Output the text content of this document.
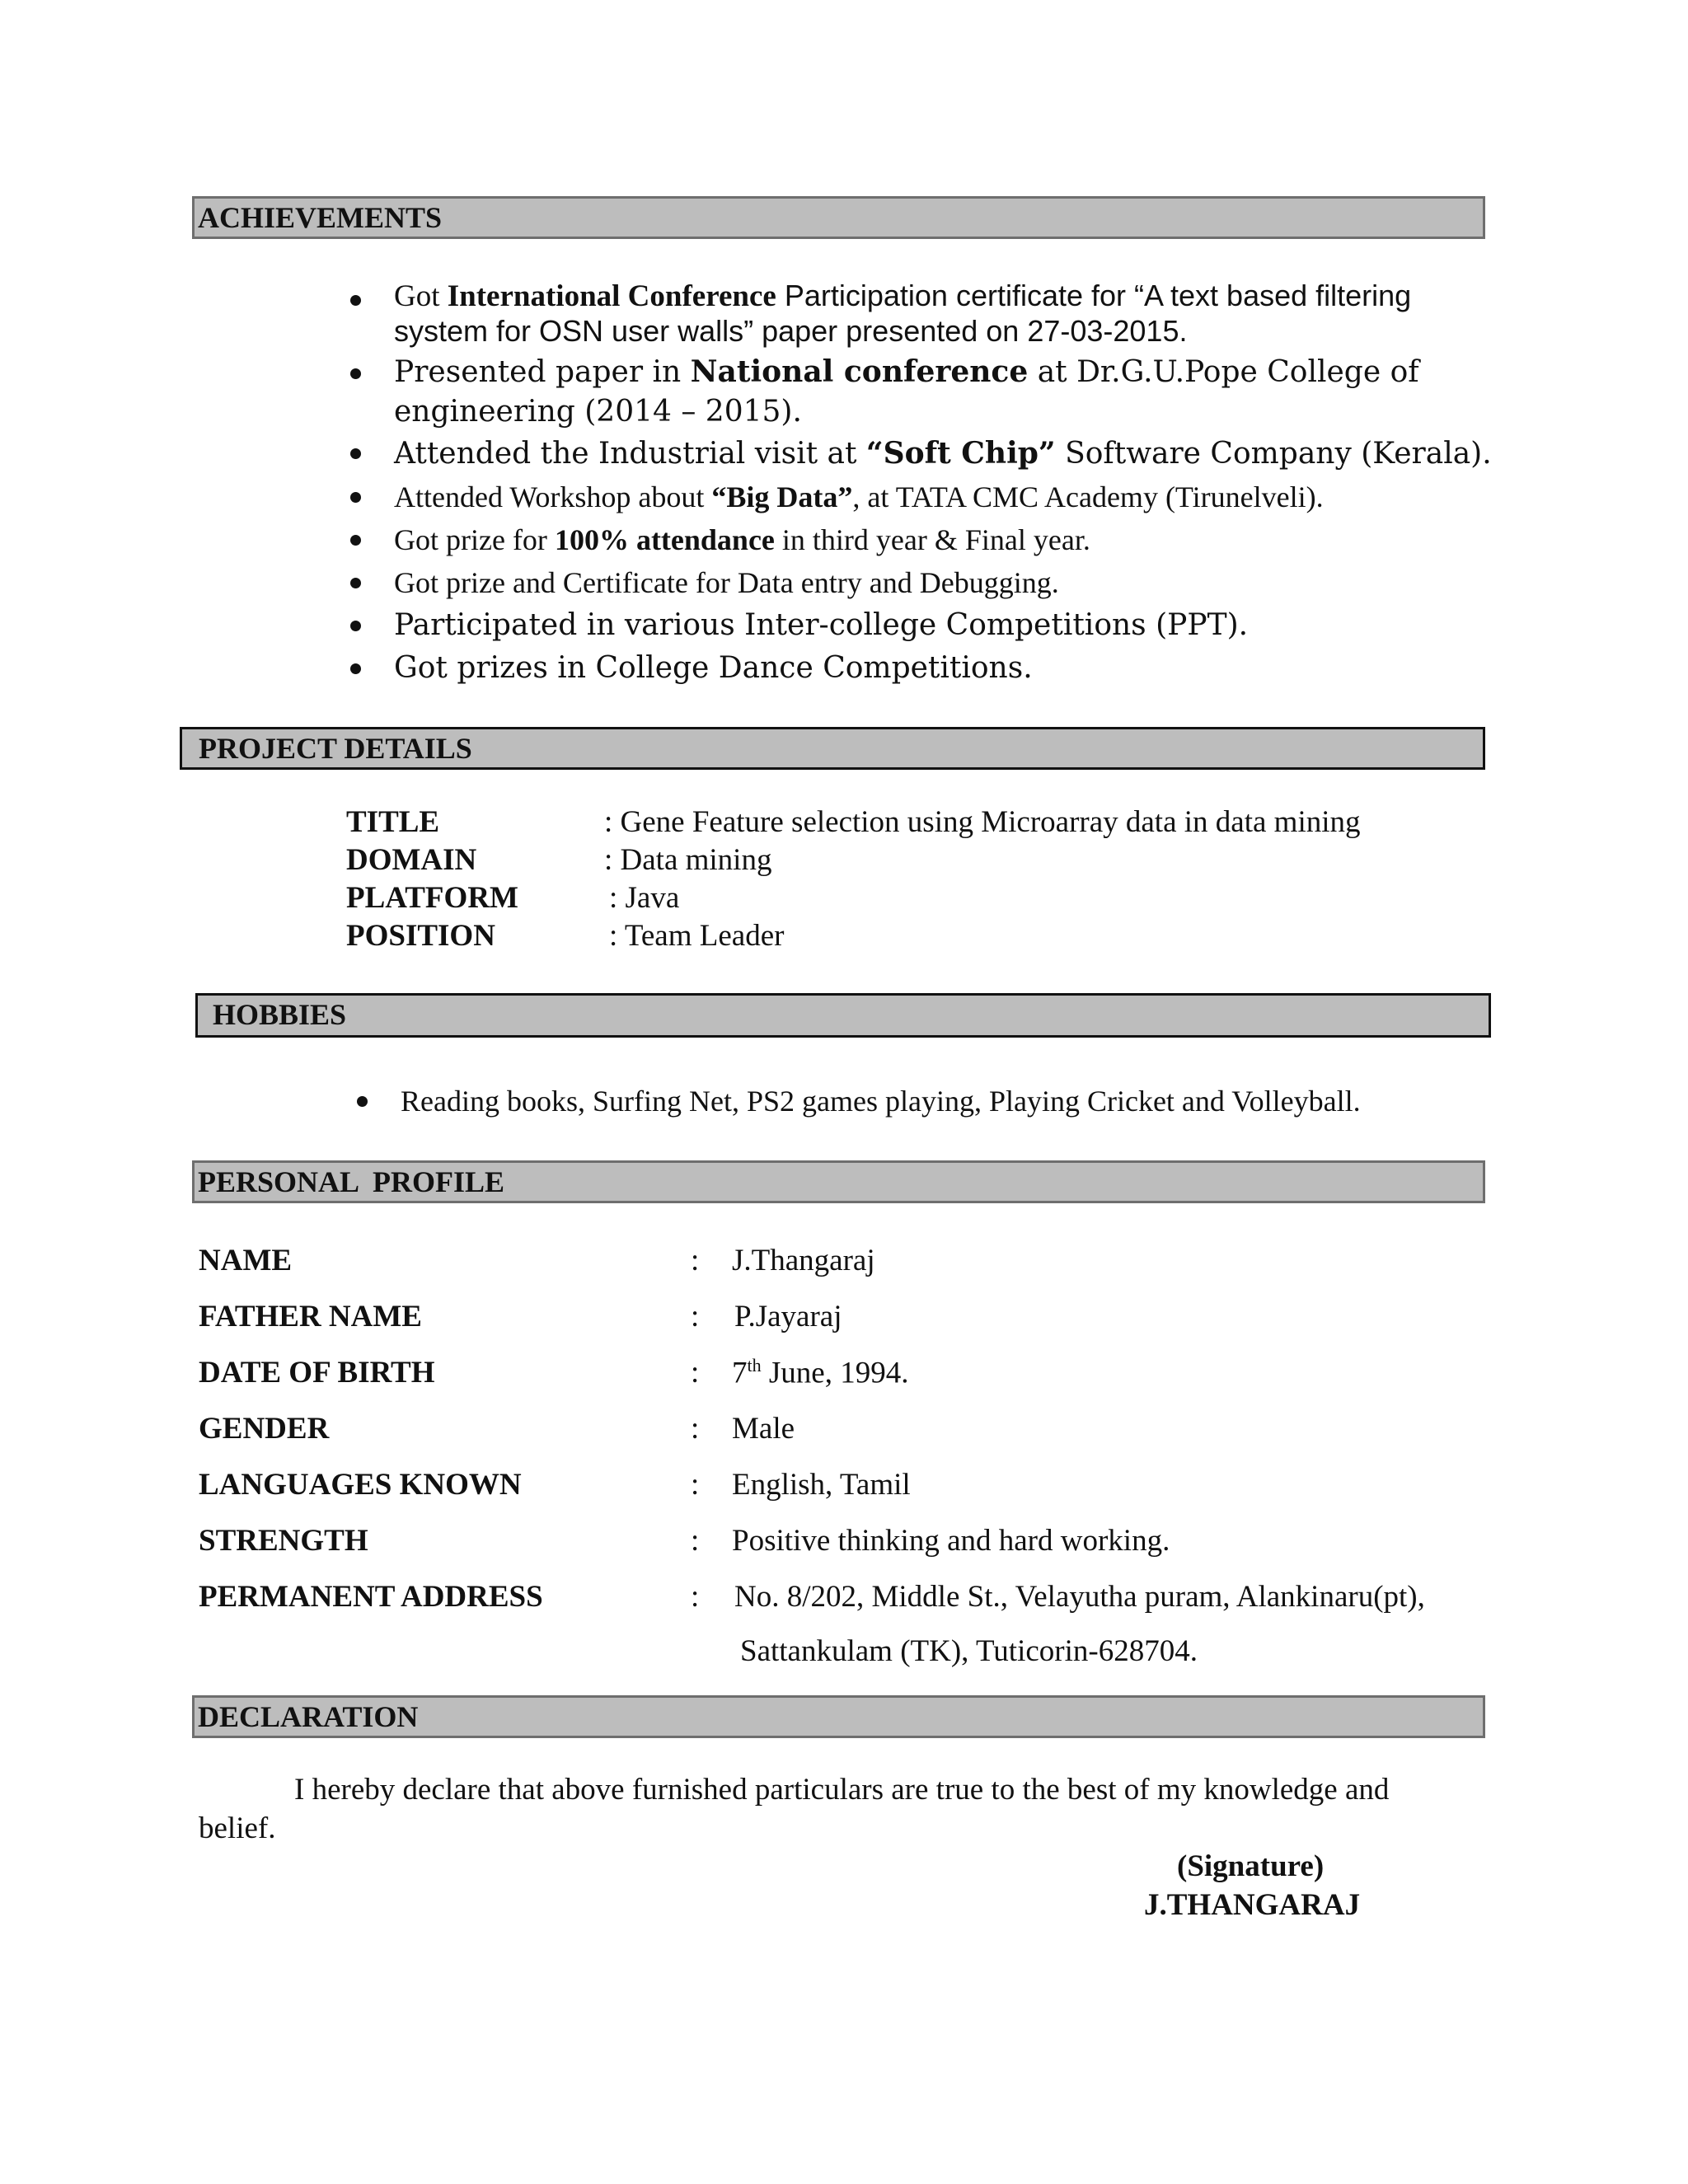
ACHIEVEMENTS
Got International Conference Participation certificate for “A text based filtering system for OSN user walls” paper presented on 27-03-2015.
Presented paper in National conference at Dr.G.U.Pope College of engineering (2014 – 2015).
Attended the Industrial visit at “Soft Chip” Software Company (Kerala).
Attended Workshop about “Big Data”, at TATA CMC Academy (Tirunelveli).
Got prize for 100% attendance in third year & Final year.
Got prize and Certificate for Data entry and Debugging.
Participated in various Inter-college Competitions (PPT).
Got prizes in College Dance Competitions.
PROJECT DETAILS
TITLE	: Gene Feature selection using Microarray data in data mining
DOMAIN	: Data mining
PLATFORM	: Java
POSITION	: Team Leader
HOBBIES
Reading books, Surfing Net, PS2 games playing, Playing Cricket and Volleyball.
PERSONAL  PROFILE
NAME	: J.Thangaraj
FATHER NAME	: P.Jayaraj
DATE OF BIRTH	: 7th June, 1994.
GENDER	: Male
LANGUAGES KNOWN	: English, Tamil
STRENGTH	: Positive thinking and hard working.
PERMANENT ADDRESS	: No. 8/202, Middle St., Velayutha puram, Alankinaru(pt),
Sattankulam (TK), Tuticorin-628704.
DECLARATION
I hereby declare that above furnished particulars are true to the best of my knowledge and
belief.
(Signature)
J.THANGARAJ
